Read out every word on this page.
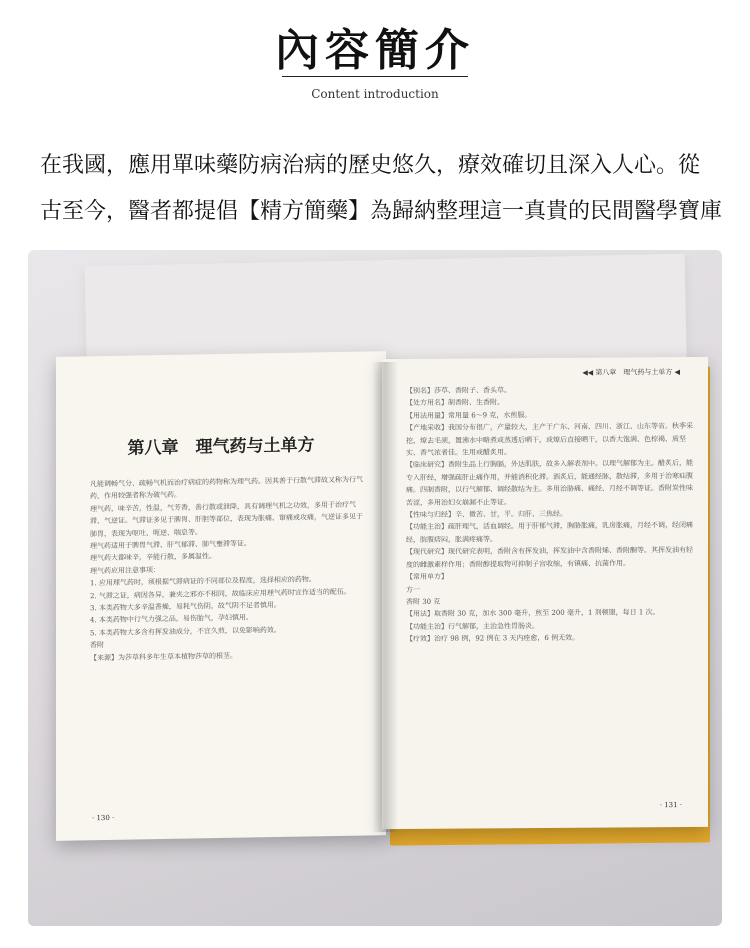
內容簡介
Content introduction
在我國，應用單味藥防病治病的歷史悠久，療效確切且深入人心。從
古至今，醫者都提倡【精方簡藥】為歸納整理這一真貴的民間醫學寶庫
第八章　理气药与土单方
凡能调畅气分、疏畅气机而治疗病症的药物称为理气药。因其善于行散气滞故又称为行气药，作用较强者称为破气药。
理气药，味辛苦，性温，气芳香，善行散或泄降，具有调理气机之功效，多用于治疗气滞、气逆证。气滞证多见于脾胃、肝胆等部位，表现为胀痛、窜痛或攻痛，气逆证多见于肺胃，表现为呕吐、呃逆、喘息等。
理气药适用于脾胃气滞、肝气郁滞、肺气壅滞等证。
理气药大都味辛，辛能行散，多属温性。
理气药应用注意事项：
1. 应用理气药时，须根据气滞病证的不同部位及程度，选择相应的药物。
2. 气滞之证，病因各异，兼夹之邪亦不相同，故临床应用理气药时宜作适当的配伍。
3. 本类药物大多辛温香燥，易耗气伤阴，故气阴不足者慎用。
4. 本类药物中行气力强之品，易伤胎气，孕妇慎用。
5. 本类药物大多含有挥发油成分，不宜久煎，以免影响药效。
香附
【来源】为莎草科多年生草本植物莎草的根茎。
· 130 ·
◀◀ 第八章　理气药与土单方 ◀
【别名】莎草、香附子、香头草。
【处方用名】制香附、生香附。
【用法用量】常用量 6～9 克，水煎服。
【产地采收】我国分布很广，产量较大，主产于广东、河南、四川、浙江、山东等省。秋季采挖，燎去毛须，置沸水中略煮或蒸透后晒干，或燎后直接晒干，以香大饱满、色棕褐、质坚实、香气浓者佳。生用或醋炙用。
【临床研究】香附生品上行胸膈，外达肌肤，故多入解表剂中。以理气解郁为主。醋炙后，能专入肝经，增强疏肝止痛作用，并能消积化滞。酒炙后，能通经脉，散结滞，多用于治寒疝腹痛。四制香附，以行气解郁、调经散结为主。多用治胁痛、痛经、月经不调等证。香附炭性味苦涩，多用治妇女崩漏不止等证。
【性味与归经】辛、微苦、甘，平。归肝、三焦经。
【功能主治】疏肝理气，活血调经。用于肝郁气滞，胸胁胀痛，乳房胀痛，月经不调，经闭痛经，脘腹痞闷，胀满疼痛等。
【现代研究】现代研究表明，香附含有挥发油，挥发油中含香附烯、香附酮等。其挥发油有轻度的雌激素样作用；香附醇提取物可抑制子宫收缩，有镇痛、抗菌作用。
【常用单方】
方一
香附 30 克
【用法】取香附 30 克，加水 300 毫升，煎至 200 毫升，1 剂顿服，每日 1 次。
【功能主治】行气解郁，主治急性胃肠炎。
【疗效】治疗 98 例，92 例在 3 天内痊愈，6 例无效。
· 131 ·
